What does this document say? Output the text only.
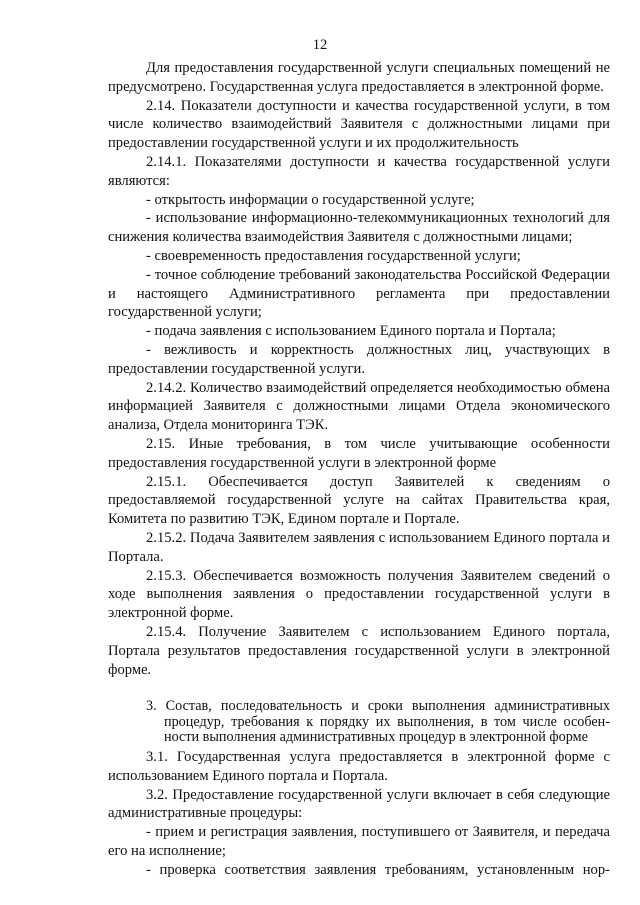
12

Для предоставления государственной услуги специальных помещений не предусмотрено. Государственная услуга предоставляется в электронной форме.

2.14. Показатели доступности и качества государственной услуги, в том числе количество взаимодействий Заявителя с должностными лицами при предоставлении государственной услуги и их продолжительность

2.14.1. Показателями доступности и качества государственной услуги являются:

- открытость информации о государственной услуге;

- использование информационно-телекоммуникационных технологий для снижения количества взаимодействия Заявителя с должностными лицами;

- своевременность предоставления государственной услуги;

- точное соблюдение требований законодательства Российской Федерации и настоящего Административного регламента при предоставлении государственной услуги;

- подача заявления с использованием Единого портала и Портала;

- вежливость и корректность должностных лиц, участвующих в предоставлении государственной услуги.

2.14.2. Количество взаимодействий определяется необходимостью обмена информацией Заявителя с должностными лицами Отдела экономического анализа, Отдела мониторинга ТЭК.

2.15. Иные требования, в том числе учитывающие особенности предоставления государственной услуги в электронной форме

2.15.1. Обеспечивается доступ Заявителей к сведениям о предоставляемой государственной услуге на сайтах Правительства края, Комитета по развитию ТЭК, Едином портале и Портале.

2.15.2. Подача Заявителем заявления с использованием Единого портала и Портала.

2.15.3. Обеспечивается возможность получения Заявителем сведений о ходе выполнения заявления о предоставлении государственной услуги в электронной форме.

2.15.4. Получение Заявителем с использованием Единого портала, Портала результатов предоставления государственной услуги в электронной форме.

3. Состав, последовательность и сроки выполнения административных
процедур, требования к порядку их выполнения, в том числе особен-
ности выполнения административных процедур в электронной форме

3.1. Государственная услуга предоставляется в электронной форме с использованием Единого портала и Портала.

3.2. Предоставление государственной услуги включает в себя следующие административные процедуры:

- прием и регистрация заявления, поступившего от Заявителя, и передача его на исполнение;

- проверка соответствия заявления требованиям, установленным нор-
